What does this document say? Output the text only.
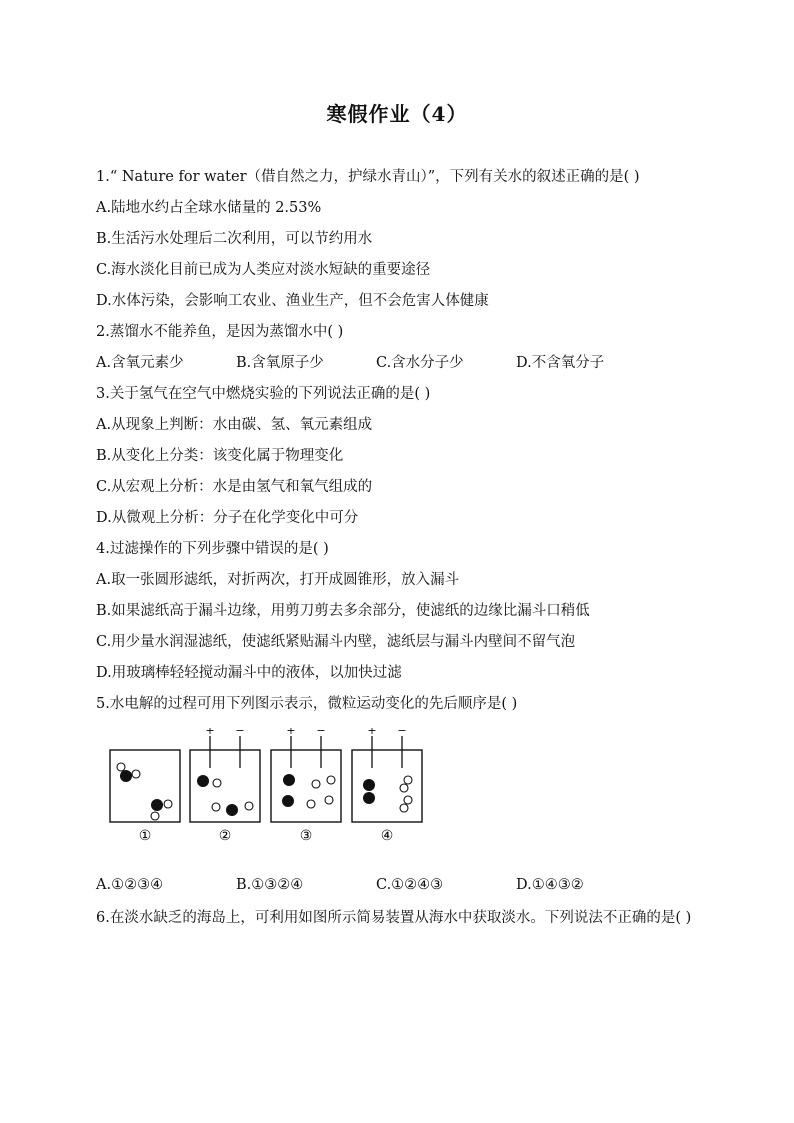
寒假作业（4）
1.“ Nature for water（借自然之力，护绿水青山）”，下列有关水的叙述正确的是( )
A.陆地水约占全球水储量的 2.53%
B.生活污水处理后二次利用，可以节约用水
C.海水淡化目前已成为人类应对淡水短缺的重要途径
D.水体污染，会影响工农业、渔业生产，但不会危害人体健康
2.蒸馏水不能养鱼，是因为蒸馏水中( )
A.含氧元素少	B.含氧原子少	C.含水分子少	D.不含氧分子
3.关于氢气在空气中燃烧实验的下列说法正确的是( )
A.从现象上判断：水由碳、氢、氧元素组成
B.从变化上分类：该变化属于物理变化
C.从宏观上分析：水是由氢气和氧气组成的
D.从微观上分析：分子在化学变化中可分
4.过滤操作的下列步骤中错误的是( )
A.取一张圆形滤纸，对折两次，打开成圆锥形，放入漏斗
B.如果滤纸高于漏斗边缘，用剪刀剪去多余部分，使滤纸的边缘比漏斗口稍低
C.用少量水润湿滤纸，使滤纸紧贴漏斗内壁，滤纸层与漏斗内壁间不留气泡
D.用玻璃棒轻轻搅动漏斗中的液体，以加快过滤
5.水电解的过程可用下列图示表示，微粒运动变化的先后顺序是( )
①
+ −
②
+ −
③
+ −
④
A.①②③④	B.①③②④	C.①②④③	D.①④③②
6.在淡水缺乏的海岛上，可利用如图所示简易装置从海水中获取淡水。下列说法不正确的是( )
